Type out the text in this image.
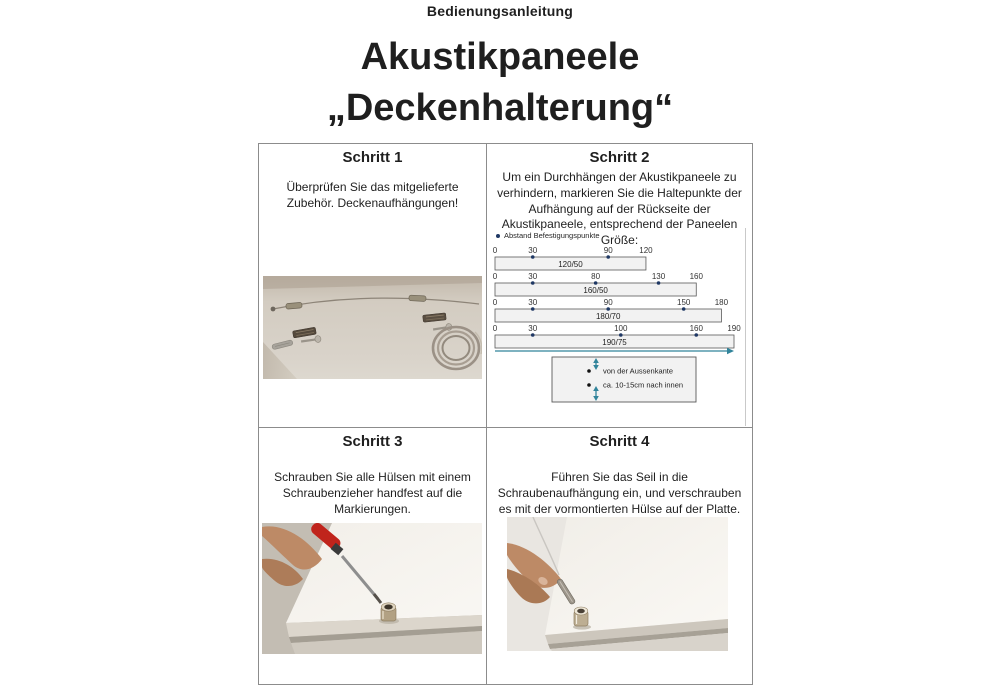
Bedienungsanleitung
Akustikpaneele
„Deckenhalterung“
Schritt 1
Überprüfen Sie das mitgelieferte Zubehör. Deckenaufhängungen!
Schritt 2
Um ein Durchhängen der Akustikpaneele zu verhindern, markieren Sie die Haltepunkte der Aufhängung auf der Rückseite der Akustikpaneele, entsprechend der Paneelen Größe:
Abstand Befestigungspunkte
0	30	90	120
120/50
0	30	80	130	160
160/50
0	30	90	150	180
180/70
0	30	100	160	190
190/75
von der Aussenkante
ca. 10-15cm nach innen
Schritt 3
Schrauben Sie alle Hülsen mit einem Schraubenzieher handfest auf die Markierungen.
Schritt 4
Führen Sie das Seil in die Schraubenaufhängung ein, und verschrauben es mit der vormontierten Hülse auf der Platte.
